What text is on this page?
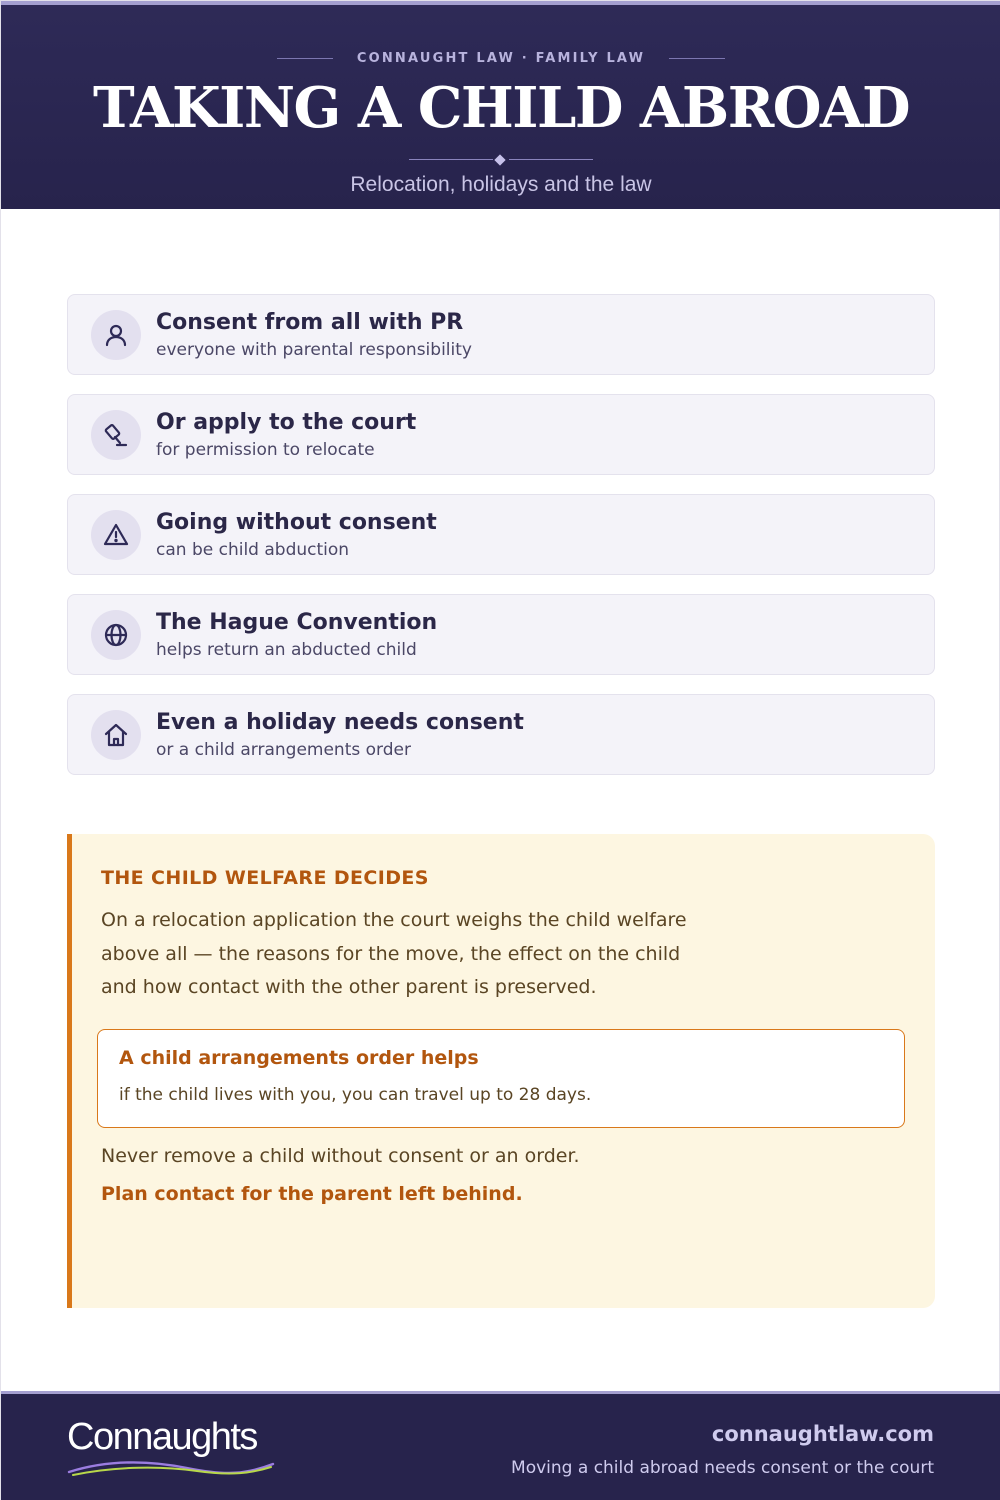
CONNAUGHT LAW · FAMILY LAW
TAKING A CHILD ABROAD
Relocation, holidays and the law
Consent from all with PR
everyone with parental responsibility
Or apply to the court
for permission to relocate
Going without consent
can be child abduction
The Hague Convention
helps return an abducted child
Even a holiday needs consent
or a child arrangements order
THE CHILD WELFARE DECIDES

On a relocation application the court weighs the child welfare above all — the reasons for the move, the effect on the child and how contact with the other parent is preserved.

A child arrangements order helps
if the child lives with you, you can travel up to 28 days.
Never remove a child without consent or an order.
Plan contact for the parent left behind.
Connaughts	connaughtlaw.com
Moving a child abroad needs consent or the court
